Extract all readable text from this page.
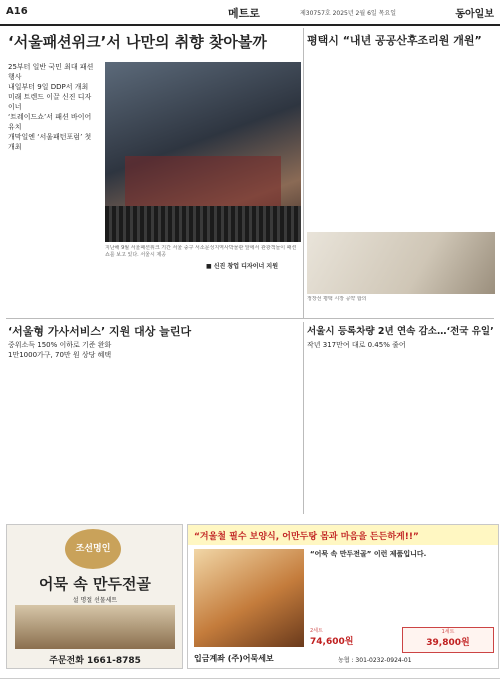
A16	메트로	제30757호 2025년 2월 6일 목요일	동아일보
‘서울패션위크’서 나만의 취향 찾아볼까
25부터 일반 국민 최대 패션 행사
내일부터 9일 DDP서 개최
미래 트렌드 이끌 신진 디자이너
‘트레이드쇼’서 패션 바이어 유치
개막일엔 ‘서울패턴포럼’ 첫 개최
지난해 9월 서울패션위크 기간 서울 중구 서소문성지역사박물관 앞에서 관광객들이 패션 쇼를 보고 있다. 서울시 제공
■ 신진 창업 디자이너 지원
평택시 “내년 공공산후조리원 개원”
정장선 평택 시장 공약 합의
‘서울형 가사서비스’ 지원 대상 늘린다
중위소득 150% 이하로 기준 완화
1만1000가구, 70만 원 상당 혜택
서울시 등록차량 2년 연속 감소…‘전국 유일’
작년 317만여 대로 0.45% 줄어
조선명인
어묵 속 만두전골
설 명절 선물세트
주문전화 1661-8785
“겨울철 필수 보양식, 어만두탕 몸과 마음을 든든하게!!”
“어묵 속 만두전골” 이런 제품입니다.
1세트
39,800원
2세트
74,600원
입금계좌 (주)어묵세보	농협 : 301-0232-0924-01
